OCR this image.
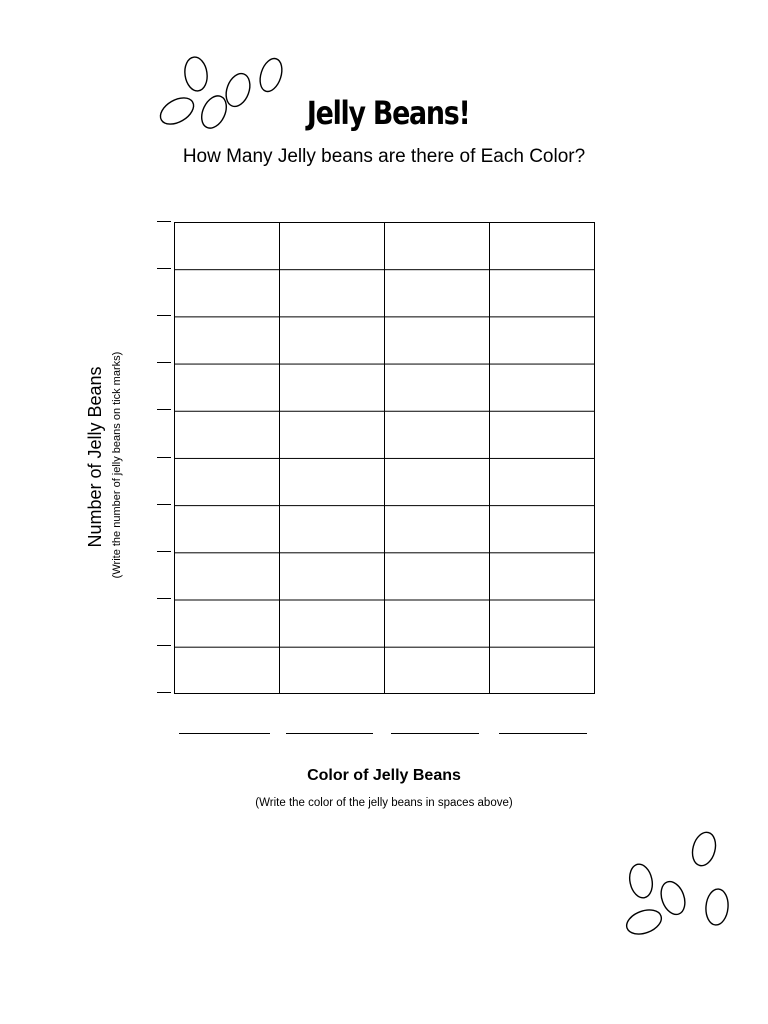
Jelly Beans!
How Many Jelly beans are there of Each Color?
Number of Jelly Beans (Write the number of jelly beans on tick marks)
Color of Jelly Beans
(Write the color of the jelly beans in spaces above)
